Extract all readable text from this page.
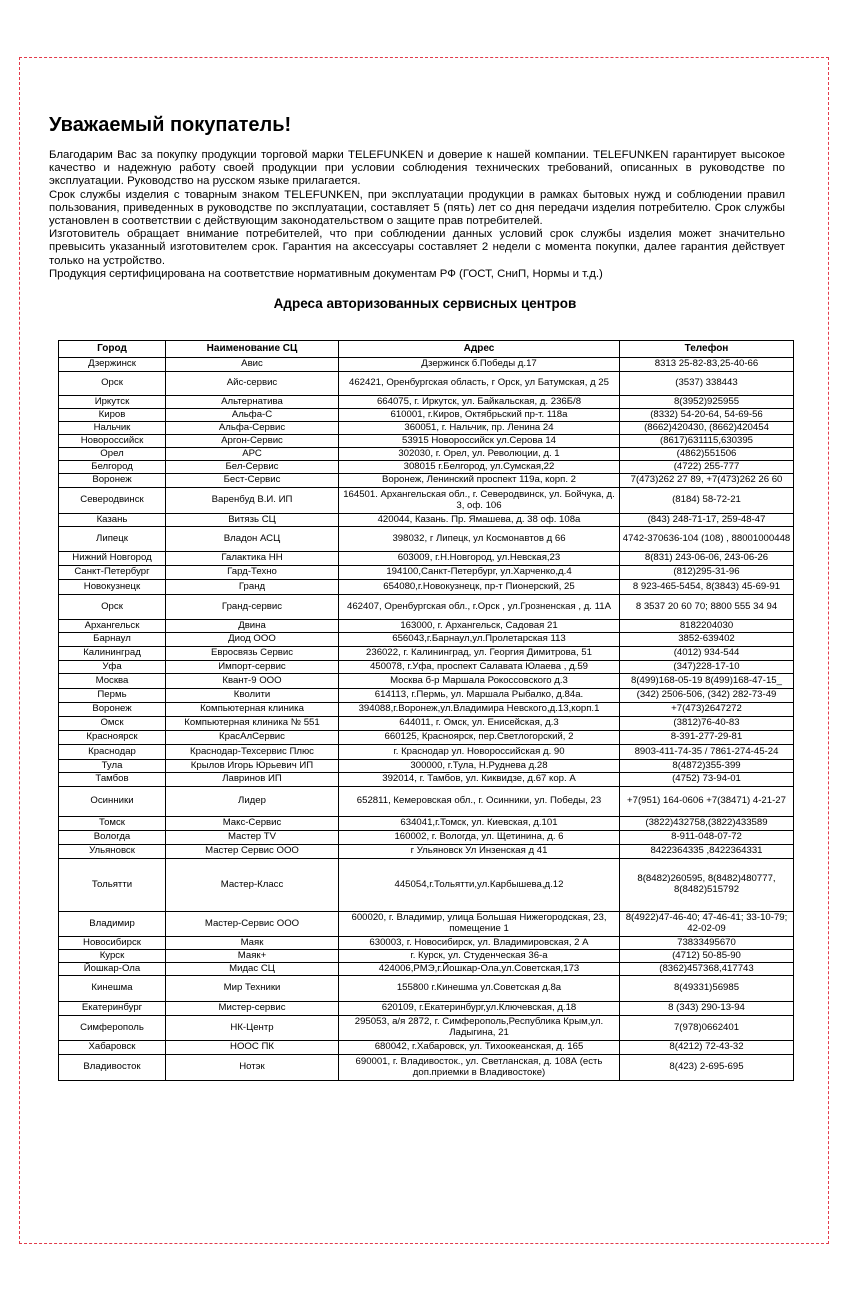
Уважаемый покупатель!

Благодарим Вас за покупку продукции торговой марки TELEFUNKEN и доверие к нашей компании. TELEFUNKEN гарантирует высокое качество и надежную работу своей продукции при условии соблюдения технических требований, описанных в руководстве по эксплуатации. Руководство на русском языке прилагается.

Срок службы изделия с товарным знаком TELEFUNKEN, при эксплуатации продукции в рамках бытовых нужд и соблюдении правил пользования, приведенных в руководстве по эксплуатации, составляет 5 (пять) лет со дня передачи изделия потребителю. Срок службы установлен в соответствии с действующим законодательством о защите прав потребителей.

Изготовитель обращает внимание потребителей, что при соблюдении данных условий срок службы изделия может значительно превысить указанный изготовителем срок. Гарантия на аксессуары составляет 2 недели с момента покупки, далее гарантия действует только на устройство.

Продукция сертифицирована на соответствие нормативным документам РФ (ГОСТ, СниП, Нормы и т.д.)

Адреса авторизованных сервисных центров
Город	Наименование СЦ	Адрес	Телефон
Дзержинск	Авис	Дзержинск б.Победы д.17	8313 25-82-83,25-40-66
Орск	Айс-сервис	462421, Оренбургская область, г Орск, ул Батумская, д 25	(3537) 338443
Иркутск	Альтернатива	664075, г. Иркутск, ул. Байкальская, д. 236Б/8	8(3952)925955
Киров	Альфа-С	610001, г.Киров, Октябрьский пр-т. 118а	(8332) 54-20-64, 54-69-56
Нальчик	Альфа-Сервис	360051, г. Нальчик, пр. Ленина 24	(8662)420430, (8662)420454
Новороссийск	Аргон-Сервис	53915 Новороссийск ул.Серова 14	(8617)631115,630395
Орел	АРС	302030, г. Орел, ул. Революции, д. 1	(4862)551506
Белгород	Бел-Сервис	308015 г.Белгород, ул.Сумская,22	(4722) 255-777
Воронеж	Бест-Сервис	Воронеж, Ленинский проспект 119а, корп. 2	7(473)262 27 89, +7(473)262 26 60
Северодвинск	Варенбуд В.И. ИП	164501. Архангельская обл., г. Северодвинск, ул. Бойчука, д. 3, оф. 106	(8184) 58-72-21
Казань	Витязь СЦ	420044, Казань. Пр. Ямашева, д. 38 оф. 108а	(843) 248-71-17, 259-48-47
Липецк	Владон АСЦ	398032, г Липецк, ул Космонавтов д 66	4742-370636-104 (108) , 88001000448
Нижний Новгород	Галактика НН	603009, г.Н.Новгород, ул.Невская,23	8(831) 243-06-06, 243-06-26
Санкт-Петербург	Гард-Техно	194100,Санкт-Петербург, ул.Харченко,д.4	(812)295-31-96
Новокузнецк	Гранд	654080,г.Новокузнецк, пр-т Пионерский, 25	8 923-465-5454, 8(3843) 45-69-91
Орск	Гранд-сервис	462407, Оренбургская обл., г.Орск , ул.Грозненская , д. 11А	8 3537 20 60 70; 8800 555 34 94
Архангельск	Двина	163000, г. Архангельск, Садовая 21	8182204030
Барнаул	Диод ООО	656043,г.Барнаул,ул.Пролетарская 113	3852-639402
Калининград	Евросвязь Сервис	236022, г. Калининград, ул. Георгия Димитрова, 51	(4012) 934-544
Уфа	Импорт-сервис	450078, г.Уфа, проспект Салавата Юлаева , д.59	(347)228-17-10
Москва	Квант-9 ООО	Москва б-р Маршала Рокоссовского д.3	8(499)168-05-19 8(499)168-47-15_
Пермь	Кволити	614113, г.Пермь, ул. Маршала Рыбалко, д.84а.	(342) 2506-506, (342) 282-73-49
Воронеж	Компьютерная клиника	394088,г.Воронеж,ул.Владимира Невского,д.13,корп.1	+7(473)2647272
Омск	Компьютерная клиника № 551	644011, г. Омск, ул. Енисейская, д.3	(3812)76-40-83
Красноярск	КрасАлСервис	660125, Красноярск, пер.Светлогорский, 2	8-391-277-29-81
Краснодар	Краснодар-Техсервис Плюс	г. Краснодар ул. Новороссийская д. 90	8903-411-74-35 / 7861-274-45-24
Тула	Крылов Игорь Юрьевич ИП	300000, г.Тула, Н.Руднева д.28	8(4872)355-399
Тамбов	Лавринов ИП	392014, г. Тамбов, ул. Киквидзе, д.67 кор. А	(4752) 73-94-01
Осинники	Лидер	652811, Кемеровская обл., г. Осинники, ул. Победы, 23	+7(951) 164-0606 +7(38471) 4-21-27
Томск	Макс-Сервис	634041,г.Томск, ул. Киевская, д.101	(3822)432758,(3822)433589
Вологда	Мастер TV	160002, г. Вологда, ул. Щетинина, д. 6	8-911-048-07-72
Ульяновск	Мастер Сервис ООО	г Ульяновск Ул Инзенская д 41	8422364335 ,8422364331
Тольятти	Мастер-Класс	445054,г.Тольятти,ул.Карбышева,д.12	8(8482)260595, 8(8482)480777, 8(8482)515792
Владимир	Мастер-Сервис ООО	600020, г. Владимир, улица Большая Нижегородская, 23, помещение 1	8(4922)47-46-40; 47-46-41; 33-10-79; 42-02-09
Новосибирск	Маяк	630003, г. Новосибирск, ул. Владимировская, 2 А	73833495670
Курск	Маяк+	г. Курск, ул. Студенческая 36-а	(4712) 50-85-90
Йошкар-Ола	Мидас СЦ	424006,РМЭ,г.Йошкар-Ола,ул.Советская,173	(8362)457368,417743
Кинешма	Мир Техники	155800 г.Кинешма ул.Советская д.8а	8(49331)56985
Екатеринбург	Мистер-сервис	620109, г.Екатеринбург,ул.Ключевская, д.18	8 (343) 290-13-94
Симферополь	НК-Центр	295053, а/я 2872, г. Симферополь,Республика Крым,ул. Ладыгина, 21	7(978)0662401
Хабаровск	НООС ПК	680042, г.Хабаровск, ул. Тихоокеанская, д. 165	8(4212) 72-43-32
Владивосток	Нотэк	690001, г. Владивосток., ул. Светланская, д. 108А (есть доп.приемки в Владивостоке)	8(423) 2-695-695
